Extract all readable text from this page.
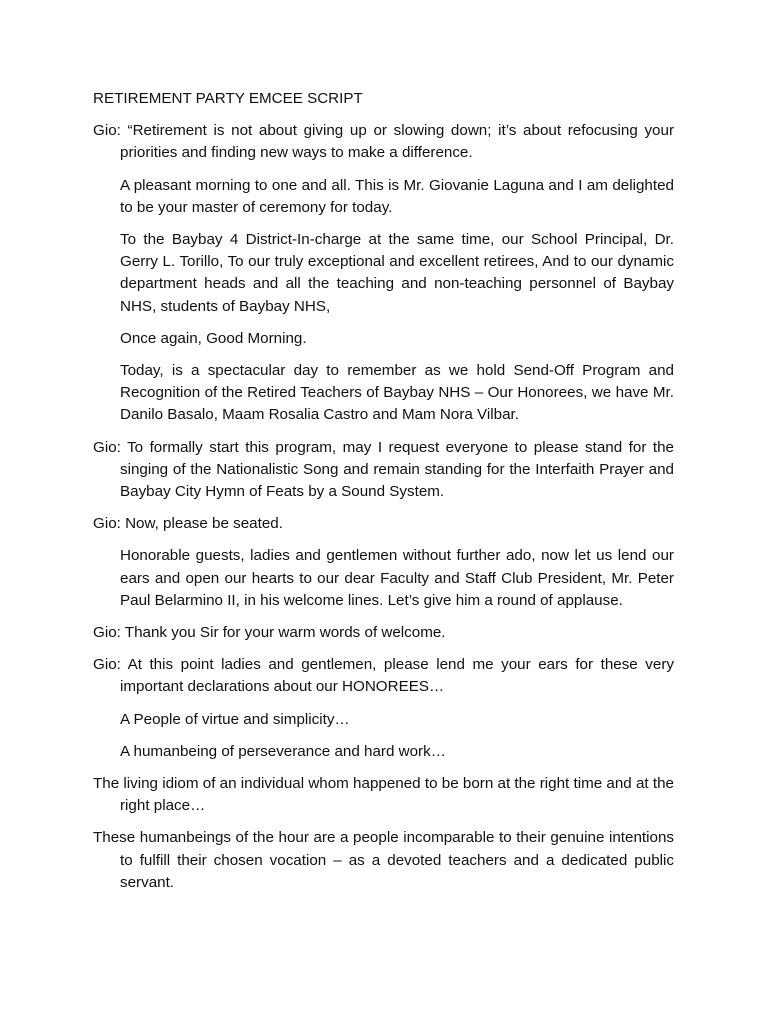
RETIREMENT PARTY EMCEE SCRIPT
Gio: “Retirement is not about giving up or slowing down; it’s about refocusing your priorities and finding new ways to make a difference.
A pleasant morning to one and all. This is Mr. Giovanie Laguna and I am delighted to be your master of ceremony for today.
To the Baybay 4 District-In-charge at the same time, our School Principal, Dr. Gerry L. Torillo, To our truly exceptional and excellent retirees, And to our dynamic department heads and all the teaching and non-teaching personnel of Baybay NHS, students of Baybay NHS,
Once again, Good Morning.
Today, is a spectacular day to remember as we hold Send-Off Program and Recognition of the Retired Teachers of Baybay NHS – Our Honorees, we have Mr. Danilo Basalo, Maam Rosalia Castro and Mam Nora Vilbar.
Gio: To formally start this program, may I request everyone to please stand for the singing of the Nationalistic Song and remain standing for the Interfaith Prayer and Baybay City Hymn of Feats by a Sound System.
Gio: Now, please be seated.
Honorable guests, ladies and gentlemen without further ado, now let us lend our ears and open our hearts to our dear Faculty and Staff Club President, Mr. Peter Paul Belarmino II, in his welcome lines. Let’s give him a round of applause.
Gio: Thank you Sir for your warm words of welcome.
Gio: At this point ladies and gentlemen, please lend me your ears for these very important declarations about our HONOREES…
A People of virtue and simplicity…
A humanbeing of perseverance and hard work…
The living idiom of an individual whom happened to be born at the right time and at the right place…
These humanbeings of the hour are a people incomparable to their genuine intentions to fulfill their chosen vocation – as a devoted teachers and a dedicated public servant.
